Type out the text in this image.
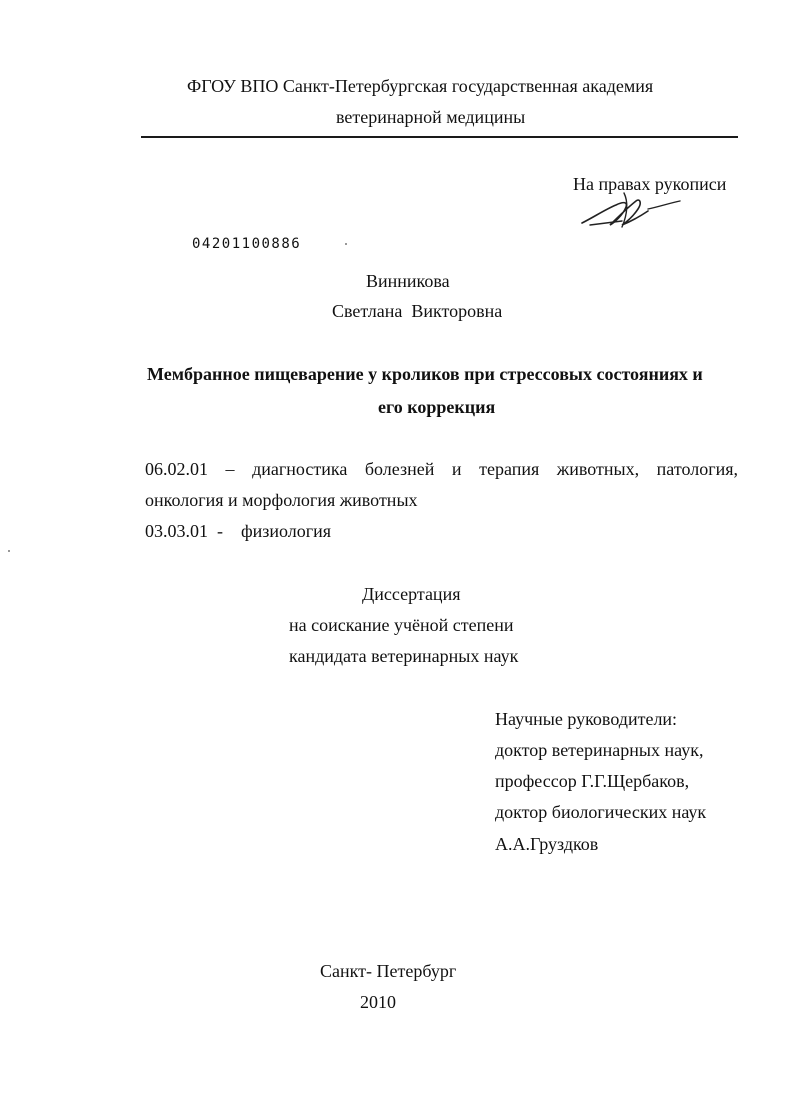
ФГОУ ВПО Санкт-Петербургская государственная академия
ветеринарной медицины
На правах рукописи
04201100886
Винникова
Светлана  Викторовна
Мембранное пищеварение у кроликов при стрессовых состояниях и
его коррекция
06.02.01 – диагностика болезней и терапия животных, патология,
онкология и морфология животных
03.03.01  - физиология
Диссертация
на соискание учёной степени
кандидата ветеринарных наук
Научные руководители:
доктор ветеринарных наук,
профессор Г.Г.Щербаков,
доктор биологических наук
А.А.Груздков
Санкт- Петербург
2010
